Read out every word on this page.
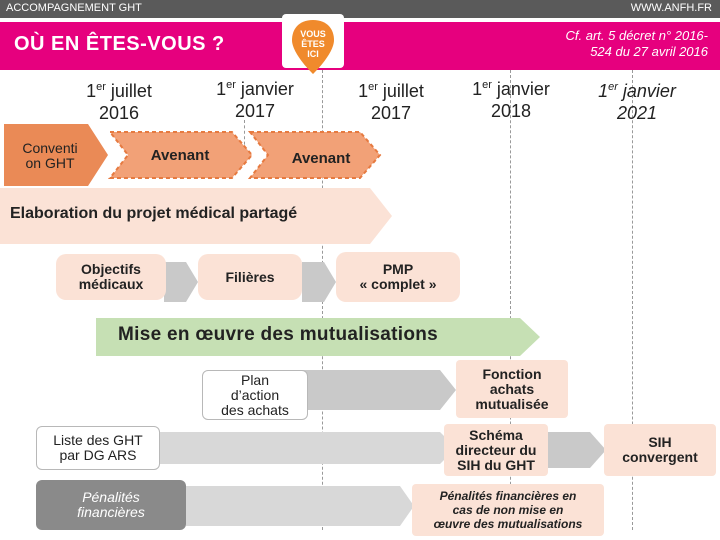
ACCOMPAGNEMENT GHT	WWW.ANFH.FR
OÙ EN ÊTES-VOUS ?	Cf. art. 5 décret n° 2016-
524 du 27 avril 2016
VOUS
ÊTES
ICI
1er juillet
2016
1er janvier
2017
1er juillet
2017
1er janvier
2018
1er janvier
2021
Conventi
on GHT	Avenant	Avenant
Elaboration du projet médical partagé
Mise en œuvre des mutualisations
Objectifs
médicaux	Filières	PMP
« complet »
Plan
d’action
des achats
Fonction
achats
mutualisée
Liste des GHT
par DG ARS
Schéma
directeur du
SIH du GHT
SIH
convergent
Pénalités
financières
Pénalités financières en
cas de non mise en
œuvre des mutualisations
